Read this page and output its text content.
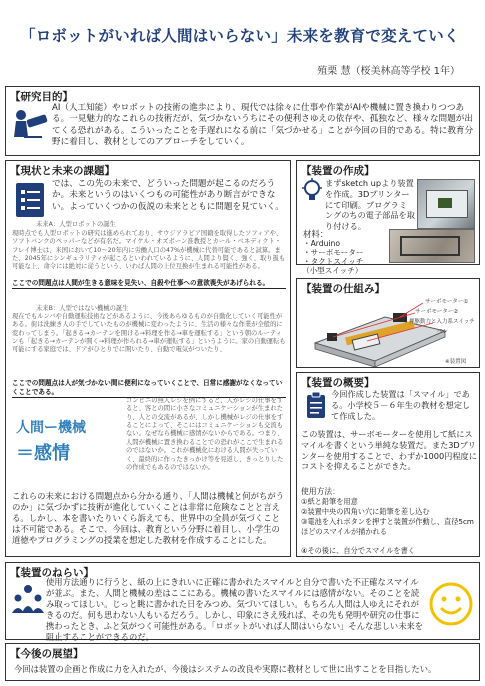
「ロボットがいれば人間はいらない」未来を教育で変えていく
殖栗 慧（桜美林高等学校 1年）
【研究目的】
AI（人工知能）やロボットの技術の進歩により、現代では徐々に仕事や作業がAIや機械に置き換わりつつある。一見魅力的なこれらの技術だが、気づかないうちにその便利さゆえの依存や、孤独など、様々な問題が出てくる恐れがある。こういったことを手遅れになる前に「気づかせる」ことが今回の目的である。特に教育分野に着目し、教材としてのアプローチをしていく。
【現状と未来の課題】
では、この先の未来で、どういった問題が起こるのだろうか。未来というのはいくつもの可能性があり断言ができない。よっていくつかの仮説の未来とともに問題を見ていく。
未来A：人型ロボットの誕生
現時点でも人型ロボットの研究は進められており、サウジアラビア国籍を取得したソフィアや、ソフトバンクのペッパーなどが有名だ。マイケル・オズボーン准教授とカール・ベネディクト・フレイ博士は、米国において10〜20年内に労働人口の47%が機械に代替可能であると試算。また、2045年にシンギュラリティが起こるといわれているように、人間より賢く、強く、取り扱も可能な上、命令には絶対に従うという、いわば人間の上位互換が生まれる可能性がある。
ここでの問題点は人間が生きる意味を見失い、自殺や仕事への意欲喪失があげられる。
未来B：人型ではない機械の誕生
現在でもルンバや自動運転技術などがあるように、今後あらゆるものが自動化していく可能性がある。街は洗練き人の手でしていたものが機械に変わったように、生活の様々な作業が全般的に変わってしまう。「起きる→カーテンを開ける→料理を作る→車を運転する」という朝のルーティンも「起きる→カーテンが開く→料理が作られる→車が運転する」というように。家の自動運転も可能にする家庭では、ドアがひとりでに開いたり、自動で電気がついたり、
ここでの問題点は人が気づかない間に便利になっていくことで、日常に感謝がなくなっていくことである。
コンビニの無人レジを例にすると、人がレジの仕事をすると、客との間に小さなコミュニケーションが生まれたり、人との交流があるが、しかし機械がレジの仕事をすることによって、そこにはコミュニケーションも交流もない。なぜなら機械に感情がないからである。つまり、人間が機械に置き換わることでの恐れがここで生まれるのではないか。これが機械化における人間が失っていく、最終的に作ったきっかけ等を見返し、きっとりしたの作成でもあるのではないか。
人間ー機械
＝感情
これらの未来における問題点から分かる通り、「人間は機械と何がちがうのか」に気づかずに技術が進化していくことは非常に危険なことと言える。しかし、本を書いたりいくら訴えても、世界中の全員が気づくことは不可能である。そこで、今回は、教育という分野に着目し、小学生の道徳やプログラミングの授業を想定した教材を作成することにした。
【装置の作成】
まずsketch upより装置を作成。3Dプリンターにて印刷。プログラミングのちの電子部品を取り付ける。
材料：
・Arduino
・サーボモーター
・タクトスイッチ
（小型スイッチ）
【装置の仕組み】
サーボモーター①
サーボモーター②
押駆動力と入力系スイッチ
ペン
※装置図
【装置の概要】
今回作成した装置は「スマイル」である。小学校５－６年生の教材を想定して作成した。
この装置は、サーボモーターを使用して紙にスマイルを書くという単純な装置だ。また3Dプリンターを使用することで、わずか1000円程度にコストを抑えることができた。
使用方法：
①紙と鉛筆を用意
②装置中央の四角い穴に鉛筆を差し込む
③電池を入れボタンを押すと装置が作動し、直径5cmほどのスマイルが描かれる
④その後に、自分でスマイルを書く
【装置のねらい】
使用方法通りに行うと、紙の上にきれいに正確に書かれたスマイルと自分で書いた不正確なスマイルが並ぶ。また、人間と機械の差はここにある。機械の書いたスマイルには感情がない。そのことを読み取ってほしい。じっと眺に書かれた日をみつめ、気づいてほしい。もちろん人間は人ゆえにそれがきるのだ。何も思わない人もいるだろう。しかし、印象にさえ残れば、その先も発明や研究の仕事に携わったとき、ふと気がつく可能性がある。「ロボットがいれば人間はいらない」そんな悲しい未来を阻止することができるのだ。
【今後の展望】
今回は装置の企画と作成に力を入れたが、今後はシステムの改良や実際に教材として世に出すことを目指したい。
